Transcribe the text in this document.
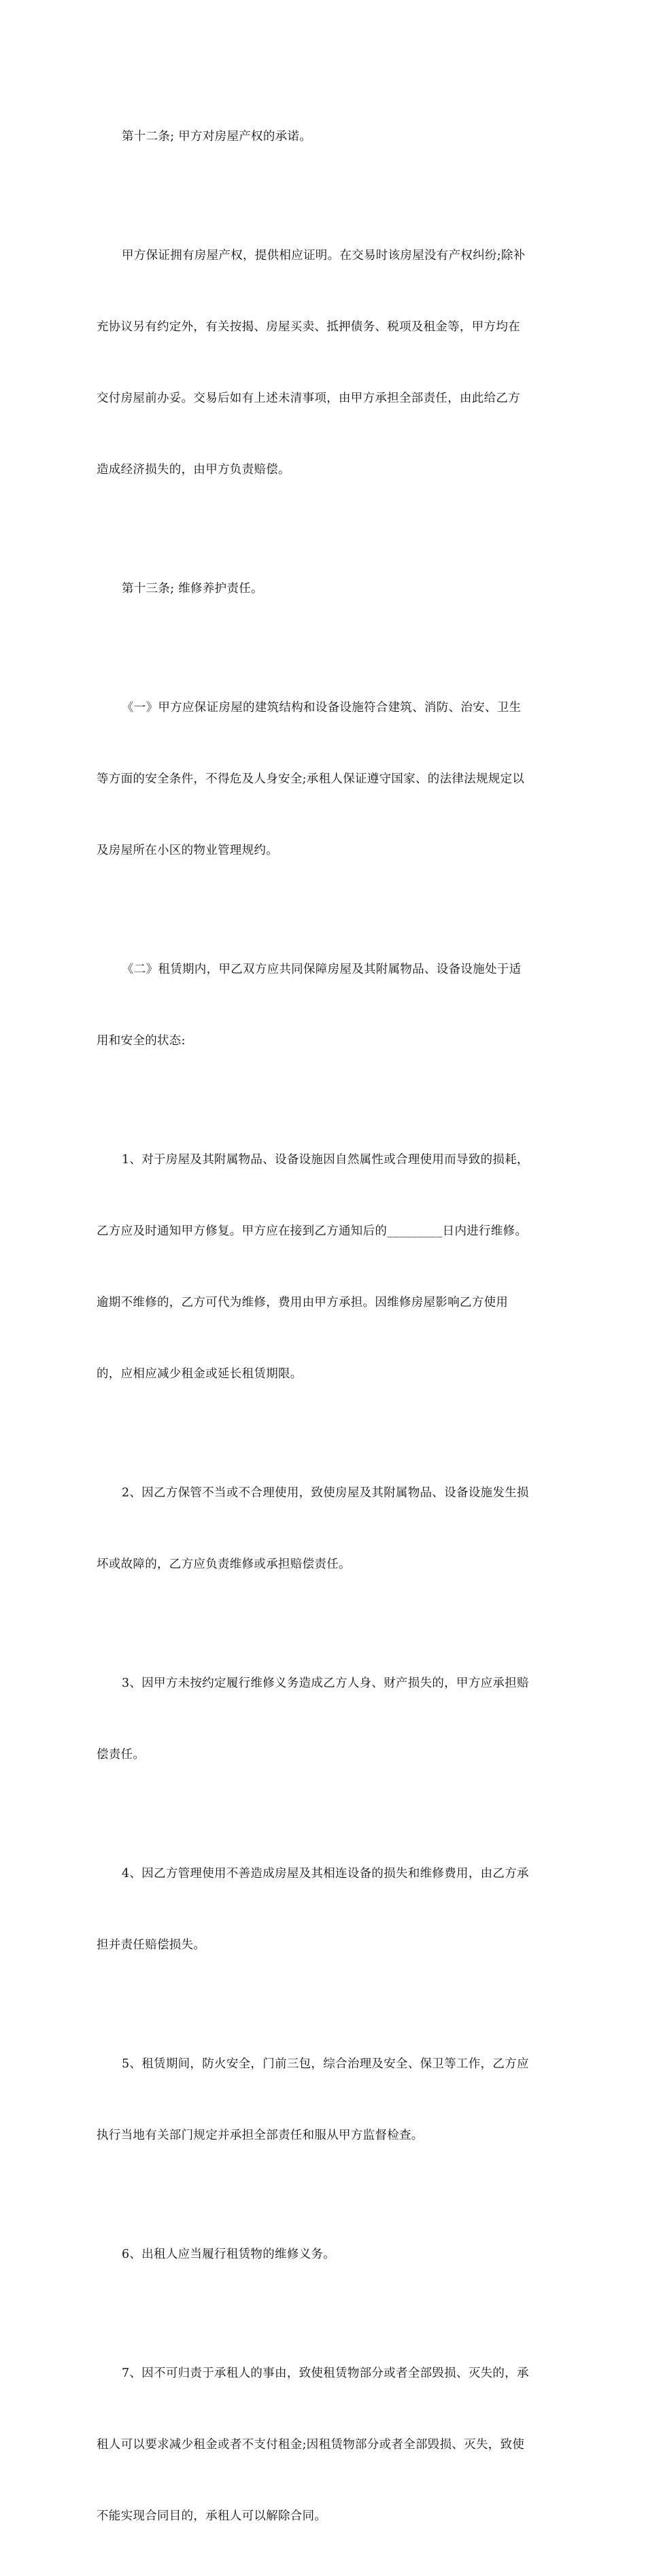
第十二条; 甲方对房屋产权的承诺。

甲方保证拥有房屋产权，提供相应证明。在交易时该房屋没有产权纠纷;除补

充协议另有约定外，有关按揭、房屋买卖、抵押债务、税项及租金等，甲方均在

交付房屋前办妥。交易后如有上述未清事项，由甲方承担全部责任，由此给乙方

造成经济损失的，由甲方负责赔偿。

第十三条; 维修养护责任。

《一》甲方应保证房屋的建筑结构和设备设施符合建筑、消防、治安、卫生

等方面的安全条件，不得危及人身安全;承租人保证遵守国家、的法律法规规定以

及房屋所在小区的物业管理规约。

《二》租赁期内，甲乙双方应共同保障房屋及其附属物品、设备设施处于适

用和安全的状态:

1、对于房屋及其附属物品、设备设施因自然属性或合理使用而导致的损耗，

乙方应及时通知甲方修复。甲方应在接到乙方通知后的_________日内进行维修。

逾期不维修的，乙方可代为维修，费用由甲方承担。因维修房屋影响乙方使用

的，应相应减少租金或延长租赁期限。

2、因乙方保管不当或不合理使用，致使房屋及其附属物品、设备设施发生损

坏或故障的，乙方应负责维修或承担赔偿责任。

3、因甲方未按约定履行维修义务造成乙方人身、财产损失的，甲方应承担赔

偿责任。

4、因乙方管理使用不善造成房屋及其相连设备的损失和维修费用，由乙方承

担并责任赔偿损失。

5、租赁期间，防火安全，门前三包，综合治理及安全、保卫等工作，乙方应

执行当地有关部门规定并承担全部责任和服从甲方监督检查。

6、出租人应当履行租赁物的维修义务。

7、因不可归责于承租人的事由，致使租赁物部分或者全部毁损、灭失的，承

租人可以要求减少租金或者不支付租金;因租赁物部分或者全部毁损、灭失，致使

不能实现合同目的，承租人可以解除合同。
